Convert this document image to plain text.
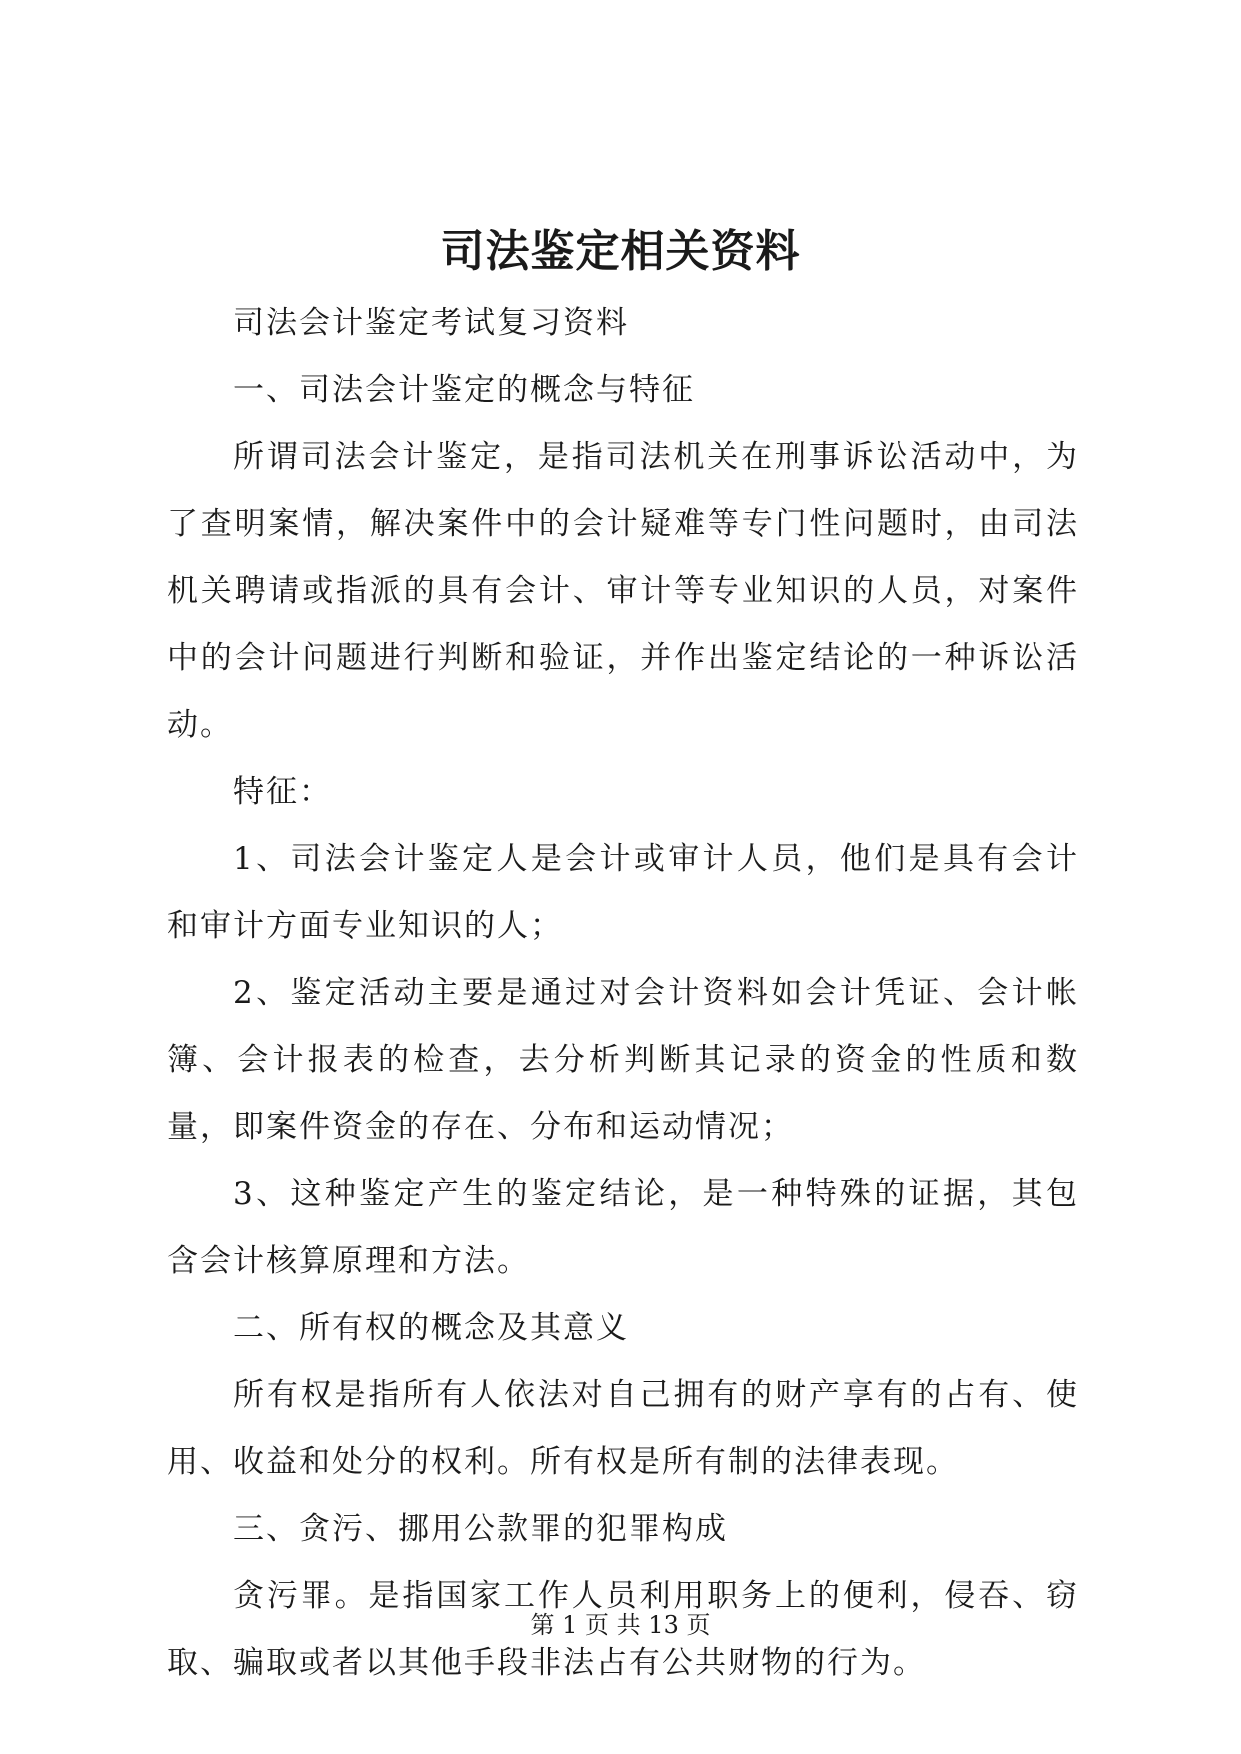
司法鉴定相关资料

司法会计鉴定考试复习资料

一、司法会计鉴定的概念与特征

所谓司法会计鉴定，是指司法机关在刑事诉讼活动中，为了查明案情，解决案件中的会计疑难等专门性问题时，由司法机关聘请或指派的具有会计、审计等专业知识的人员，对案件中的会计问题进行判断和验证，并作出鉴定结论的一种诉讼活动。

特征：

1、司法会计鉴定人是会计或审计人员，他们是具有会计和审计方面专业知识的人；

2、鉴定活动主要是通过对会计资料如会计凭证、会计帐簿、会计报表的检查，去分析判断其记录的资金的性质和数量，即案件资金的存在、分布和运动情况；

3、这种鉴定产生的鉴定结论，是一种特殊的证据，其包含会计核算原理和方法。

二、所有权的概念及其意义

所有权是指所有人依法对自己拥有的财产享有的占有、使用、收益和处分的权利。所有权是所有制的法律表现。

三、贪污、挪用公款罪的犯罪构成

贪污罪。是指国家工作人员利用职务上的便利，侵吞、窃取、骗取或者以其他手段非法占有公共财物的行为。

第 1 页 共 13 页
